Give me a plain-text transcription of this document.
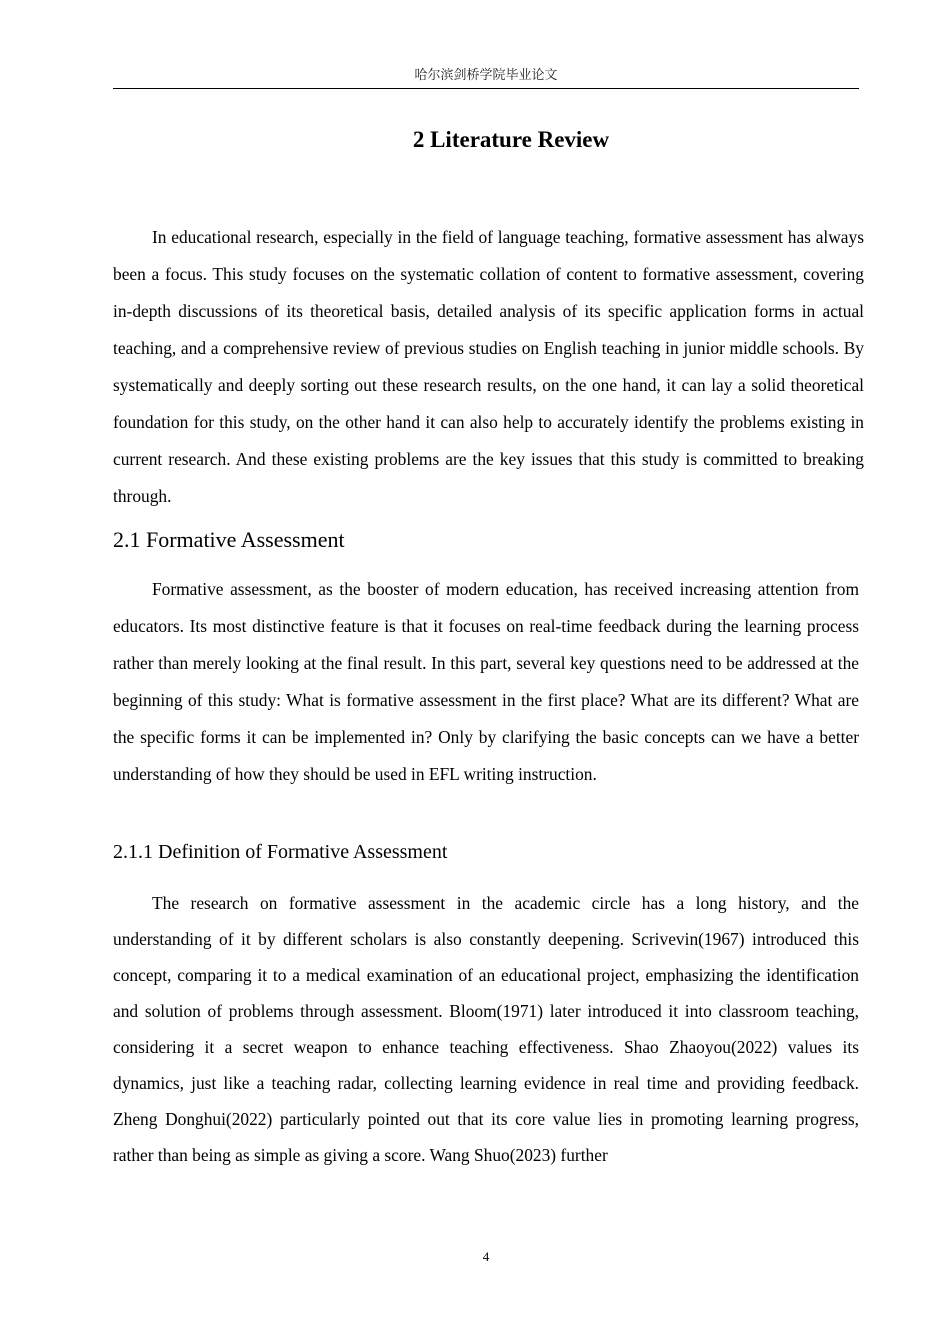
哈尔滨剑桥学院毕业论文
2 Literature Review

In educational research, especially in the field of language teaching, formative assessment has always been a focus. This study focuses on the systematic collation of content to formative assessment, covering in-depth discussions of its theoretical basis, detailed analysis of its specific application forms in actual teaching, and a comprehensive review of previous studies on English teaching in junior middle schools. By systematically and deeply sorting out these research results, on the one hand, it can lay a solid theoretical foundation for this study, on the other hand it can also help to accurately identify the problems existing in current research. And these existing problems are the key issues that this study is committed to breaking through.

2.1 Formative Assessment

Formative assessment, as the booster of modern education, has received increasing attention from educators. Its most distinctive feature is that it focuses on real-time feedback during the learning process rather than merely looking at the final result. In this part, several key questions need to be addressed at the beginning of this study: What is formative assessment in the first place? What are its different? What are the specific forms it can be implemented in? Only by clarifying the basic concepts can we have a better understanding of how they should be used in EFL writing instruction.

2.1.1 Definition of Formative Assessment

The research on formative assessment in the academic circle has a long history, and the understanding of it by different scholars is also constantly deepening. Scrivevin(1967) introduced this concept, comparing it to a medical examination of an educational project, emphasizing the identification and solution of problems through assessment. Bloom(1971) later introduced it into classroom teaching, considering it a secret weapon to enhance teaching effectiveness. Shao Zhaoyou(2022) values its dynamics, just like a teaching radar, collecting learning evidence in real time and providing feedback. Zheng Donghui(2022) particularly pointed out that its core value lies in promoting learning progress, rather than being as simple as giving a score. Wang Shuo(2023) further

4
